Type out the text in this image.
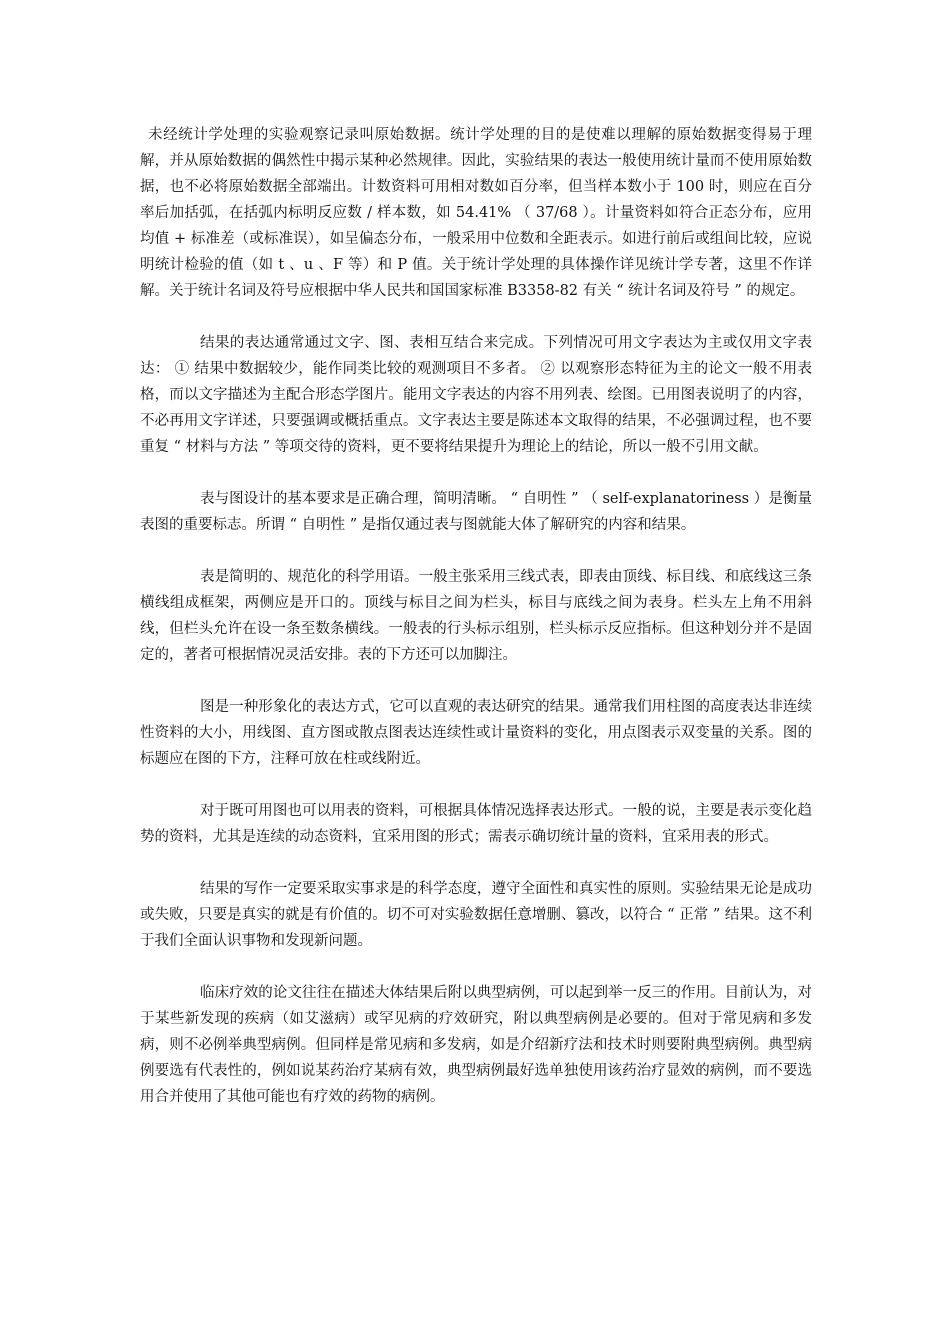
未经统计学处理的实验观察记录叫原始数据。统计学处理的目的是使难以理解的原始数据变得易于理解，并从原始数据的偶然性中揭示某种必然规律。因此，实验结果的表达一般使用统计量而不使用原始数据，也不必将原始数据全部端出。计数资料可用相对数如百分率，但当样本数小于 100 时，则应在百分率后加括弧，在括弧内标明反应数 / 样本数，如 54.41% （ 37/68 ）。计量资料如符合正态分布，应用均值 + 标准差（或标准误），如呈偏态分布，一般采用中位数和全距表示。如进行前后或组间比较，应说明统计检验的值（如 t 、u 、F 等）和 P 值。关于统计学处理的具体操作详见统计学专著，这里不作详解。关于统计名词及符号应根据中华人民共和国国家标准 B3358-82 有关 “ 统计名词及符号 ” 的规定。

结果的表达通常通过文字、图、表相互结合来完成。下列情况可用文字表达为主或仅用文字表达： ① 结果中数据较少，能作同类比较的观测项目不多者。 ② 以观察形态特征为主的论文一般不用表格，而以文字描述为主配合形态学图片。能用文字表达的内容不用列表、绘图。已用图表说明了的内容，不必再用文字详述，只要强调或概括重点。文字表达主要是陈述本文取得的结果，不必强调过程，也不要重复 “ 材料与方法 ” 等项交待的资料，更不要将结果提升为理论上的结论，所以一般不引用文献。

表与图设计的基本要求是正确合理，简明清晰。 “ 自明性 ” （ self-explanatoriness ）是衡量表图的重要标志。所谓 “ 自明性 ” 是指仅通过表与图就能大体了解研究的内容和结果。

表是简明的、规范化的科学用语。一般主张采用三线式表，即表由顶线、标目线、和底线这三条横线组成框架，两侧应是开口的。顶线与标目之间为栏头，标目与底线之间为表身。栏头左上角不用斜线，但栏头允许在设一条至数条横线。一般表的行头标示组别，栏头标示反应指标。但这种划分并不是固定的，著者可根据情况灵活安排。表的下方还可以加脚注。

图是一种形象化的表达方式，它可以直观的表达研究的结果。通常我们用柱图的高度表达非连续性资料的大小，用线图、直方图或散点图表达连续性或计量资料的变化，用点图表示双变量的关系。图的标题应在图的下方，注释可放在柱或线附近。

对于既可用图也可以用表的资料，可根据具体情况选择表达形式。一般的说，主要是表示变化趋势的资料，尤其是连续的动态资料，宜采用图的形式；需表示确切统计量的资料，宜采用表的形式。

结果的写作一定要采取实事求是的科学态度，遵守全面性和真实性的原则。实验结果无论是成功或失败，只要是真实的就是有价值的。切不可对实验数据任意增删、篡改，以符合 “ 正常 ” 结果。这不利于我们全面认识事物和发现新问题。

临床疗效的论文往往在描述大体结果后附以典型病例，可以起到举一反三的作用。目前认为，对于某些新发现的疾病（如艾滋病）或罕见病的疗效研究，附以典型病例是必要的。但对于常见病和多发病，则不必例举典型病例。但同样是常见病和多发病，如是介绍新疗法和技术时则要附典型病例。典型病例要选有代表性的，例如说某药治疗某病有效，典型病例最好选单独使用该药治疗显效的病例，而不要选用合并使用了其他可能也有疗效的药物的病例。
